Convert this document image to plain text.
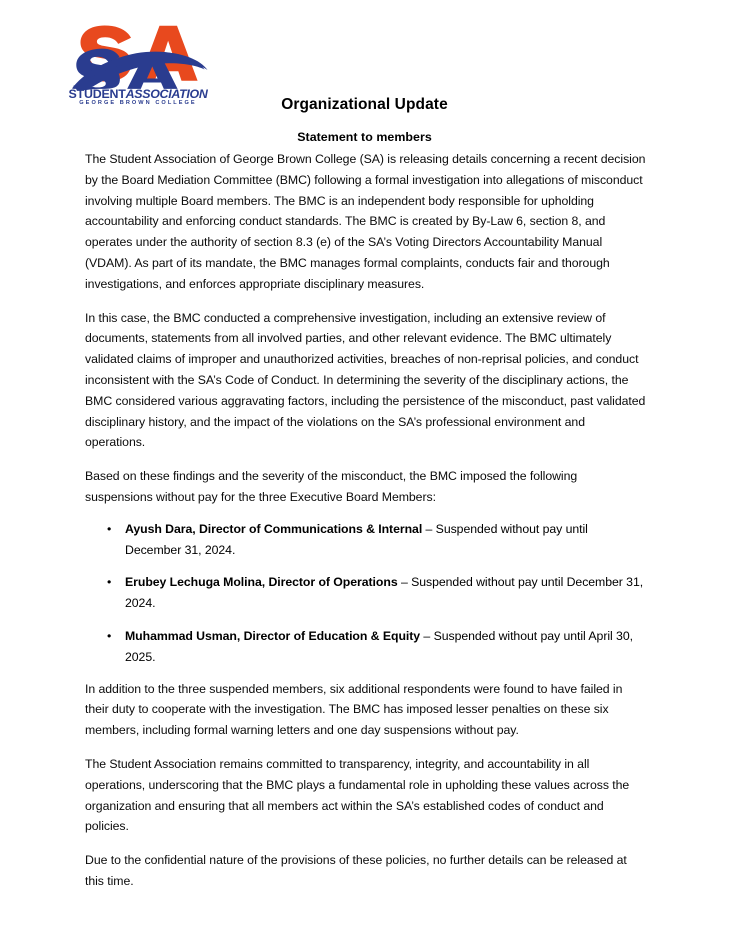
STUDENTASSOCIATION
GEORGE BROWN COLLEGE	Organizational Update
Statement to members

The Student Association of George Brown College (SA) is releasing details concerning a recent decision by the Board Mediation Committee (BMC) following a formal investigation into allegations of misconduct involving multiple Board members. The BMC is an independent body responsible for upholding accountability and enforcing conduct standards. The BMC is created by By-Law 6, section 8, and operates under the authority of section 8.3 (e) of the SA’s Voting Directors Accountability Manual (VDAM). As part of its mandate, the BMC manages formal complaints, conducts fair and thorough investigations, and enforces appropriate disciplinary measures.

In this case, the BMC conducted a comprehensive investigation, including an extensive review of documents, statements from all involved parties, and other relevant evidence. The BMC ultimately validated claims of improper and unauthorized activities, breaches of non-reprisal policies, and conduct inconsistent with the SA’s Code of Conduct. In determining the severity of the disciplinary actions, the BMC considered various aggravating factors, including the persistence of the misconduct, past validated disciplinary history, and the impact of the violations on the SA’s professional environment and operations.

Based on these findings and the severity of the misconduct, the BMC imposed the following suspensions without pay for the three Executive Board Members:

• Ayush Dara, Director of Communications & Internal – Suspended without pay until December 31, 2024.
• Erubey Lechuga Molina, Director of Operations – Suspended without pay until December 31, 2024.
• Muhammad Usman, Director of Education & Equity – Suspended without pay until April 30, 2025.

In addition to the three suspended members, six additional respondents were found to have failed in their duty to cooperate with the investigation. The BMC has imposed lesser penalties on these six members, including formal warning letters and one day suspensions without pay.

The Student Association remains committed to transparency, integrity, and accountability in all operations, underscoring that the BMC plays a fundamental role in upholding these values across the organization and ensuring that all members act within the SA’s established codes of conduct and policies.

Due to the confidential nature of the provisions of these policies, no further details can be released at this time.
